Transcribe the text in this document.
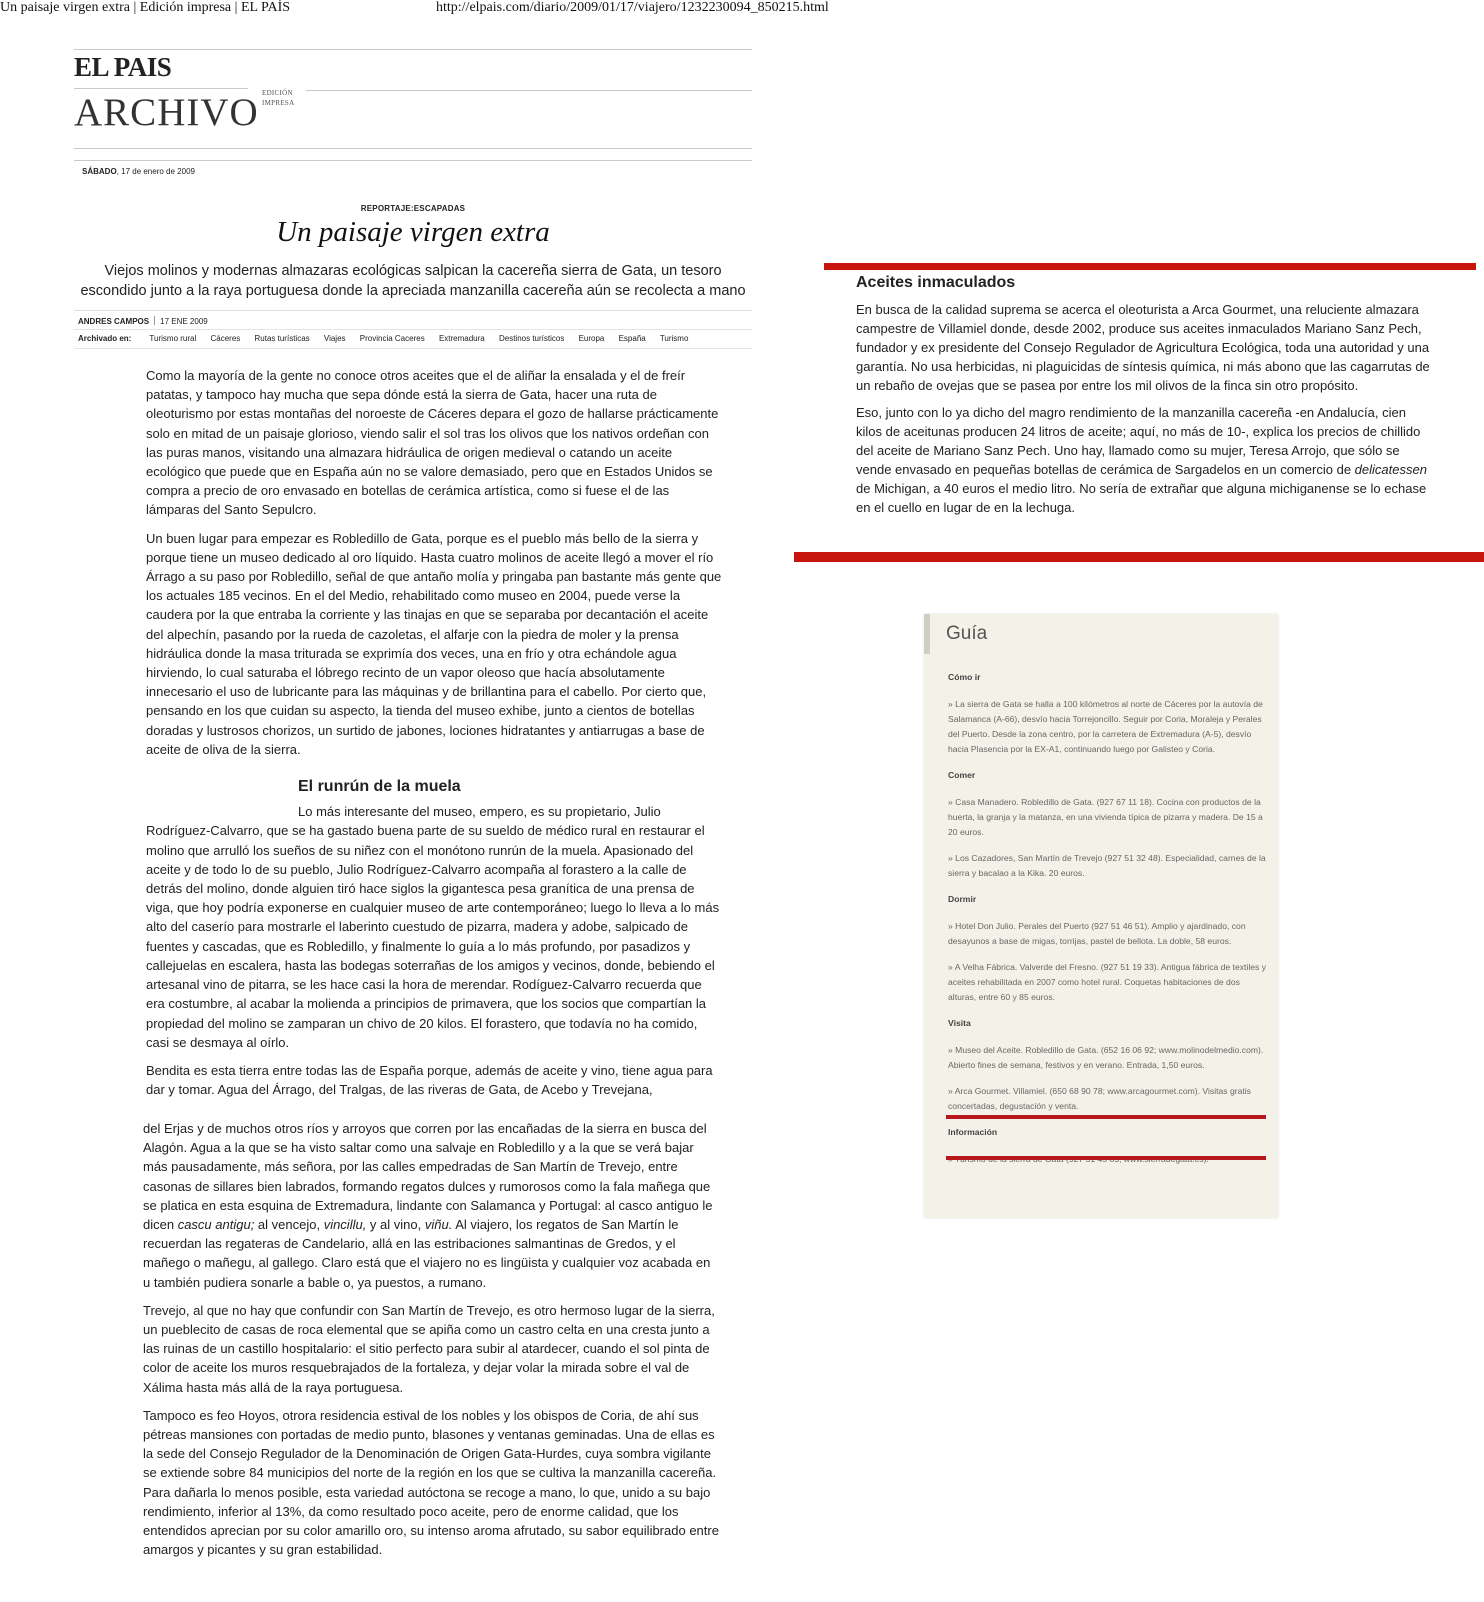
Un paisaje virgen extra | Edición impresa | EL PAÍS	http://elpais.com/diario/2009/01/17/viajero/1232230094_850215.html
EL PAIS
ARCHIVO EDICIÓN
IMPRESA
SÁBADO, 17 de enero de 2009
REPORTAJE:ESCAPADAS
Un paisaje virgen extra
Viejos molinos y modernas almazaras ecológicas salpican la cacereña sierra de Gata, un tesoro escondido junto a la raya portuguesa donde la apreciada manzanilla cacereña aún se recolecta a mano
ANDRES CAMPOS 17 ENE 2009
Archivado en: Turismo rural Cáceres Rutas turísticas Viajes Provincia Caceres Extremadura Destinos turísticos Europa España Turismo

Como la mayoría de la gente no conoce otros aceites que el de aliñar la ensalada y el de freír patatas, y tampoco hay mucha que sepa dónde está la sierra de Gata, hacer una ruta de oleoturismo por estas montañas del noroeste de Cáceres depara el gozo de hallarse prácticamente solo en mitad de un paisaje glorioso, viendo salir el sol tras los olivos que los nativos ordeñan con las puras manos, visitando una almazara hidráulica de origen medieval o catando un aceite ecológico que puede que en España aún no se valore demasiado, pero que en Estados Unidos se compra a precio de oro envasado en botellas de cerámica artística, como si fuese el de las lámparas del Santo Sepulcro.

Un buen lugar para empezar es Robledillo de Gata, porque es el pueblo más bello de la sierra y porque tiene un museo dedicado al oro líquido. Hasta cuatro molinos de aceite llegó a mover el río Árrago a su paso por Robledillo, señal de que antaño molía y pringaba pan bastante más gente que los actuales 185 vecinos. En el del Medio, rehabilitado como museo en 2004, puede verse la caudera por la que entraba la corriente y las tinajas en que se separaba por decantación el aceite del alpechín, pasando por la rueda de cazoletas, el alfarje con la piedra de moler y la prensa hidráulica donde la masa triturada se exprimía dos veces, una en frío y otra echándole agua hirviendo, lo cual saturaba el lóbrego recinto de un vapor oleoso que hacía absolutamente innecesario el uso de lubricante para las máquinas y de brillantina para el cabello. Por cierto que, pensando en los que cuidan su aspecto, la tienda del museo exhibe, junto a cientos de botellas doradas y lustrosos chorizos, un surtido de jabones, lociones hidratantes y antiarrugas a base de aceite de oliva de la sierra.

El runrún de la muela

Lo más interesante del museo, empero, es su propietario, Julio Rodríguez-Calvarro, que se ha gastado buena parte de su sueldo de médico rural en restaurar el molino que arrulló los sueños de su niñez con el monótono runrún de la muela. Apasionado del aceite y de todo lo de su pueblo, Julio Rodríguez-Calvarro acompaña al forastero a la calle de detrás del molino, donde alguien tiró hace siglos la gigantesca pesa granítica de una prensa de viga, que hoy podría exponerse en cualquier museo de arte contemporáneo; luego lo lleva a lo más alto del caserío para mostrarle el laberinto cuestudo de pizarra, madera y adobe, salpicado de fuentes y cascadas, que es Robledillo, y finalmente lo guía a lo más profundo, por pasadizos y callejuelas en escalera, hasta las bodegas soterrañas de los amigos y vecinos, donde, bebiendo el artesanal vino de pitarra, se les hace casi la hora de merendar. Rodíguez-Calvarro recuerda que era costumbre, al acabar la molienda a principios de primavera, que los socios que compartían la propiedad del molino se zamparan un chivo de 20 kilos. El forastero, que todavía no ha comido, casi se desmaya al oírlo.

Bendita es esta tierra entre todas las de España porque, además de aceite y vino, tiene agua para dar y tomar. Agua del Árrago, del Tralgas, de las riveras de Gata, de Acebo y Trevejana,

del Erjas y de muchos otros ríos y arroyos que corren por las encañadas de la sierra en busca del Alagón. Agua a la que se ha visto saltar como una salvaje en Robledillo y a la que se verá bajar más pausadamente, más señora, por las calles empedradas de San Martín de Trevejo, entre casonas de sillares bien labrados, formando regatos dulces y rumorosos como la fala mañega que se platica en esta esquina de Extremadura, lindante con Salamanca y Portugal: al casco antiguo le dicen cascu antigu; al vencejo, vincillu, y al vino, viñu. Al viajero, los regatos de San Martín le recuerdan las regateras de Candelario, allá en las estribaciones salmantinas de Gredos, y el mañego o mañegu, al gallego. Claro está que el viajero no es lingüista y cualquier voz acabada en u también pudiera sonarle a bable o, ya puestos, a rumano.

Trevejo, al que no hay que confundir con San Martín de Trevejo, es otro hermoso lugar de la sierra, un pueblecito de casas de roca elemental que se apiña como un castro celta en una cresta junto a las ruinas de un castillo hospitalario: el sitio perfecto para subir al atardecer, cuando el sol pinta de color de aceite los muros resquebrajados de la fortaleza, y dejar volar la mirada sobre el val de Xálima hasta más allá de la raya portuguesa.

Tampoco es feo Hoyos, otrora residencia estival de los nobles y los obispos de Coria, de ahí sus pétreas mansiones con portadas de medio punto, blasones y ventanas geminadas. Una de ellas es la sede del Consejo Regulador de la Denominación de Origen Gata-Hurdes, cuya sombra vigilante se extiende sobre 84 municipios del norte de la región en los que se cultiva la manzanilla cacereña. Para dañarla lo menos posible, esta variedad autóctona se recoge a mano, lo que, unido a su bajo rendimiento, inferior al 13%, da como resultado poco aceite, pero de enorme calidad, que los entendidos aprecian por su color amarillo oro, su intenso aroma afrutado, su sabor equilibrado entre amargos y picantes y su gran estabilidad.

Aceites inmaculados

En busca de la calidad suprema se acerca el oleoturista a Arca Gourmet, una reluciente almazara campestre de Villamiel donde, desde 2002, produce sus aceites inmaculados Mariano Sanz Pech, fundador y ex presidente del Consejo Regulador de Agricultura Ecológica, toda una autoridad y una garantía. No usa herbicidas, ni plaguicidas de síntesis química, ni más abono que las cagarrutas de un rebaño de ovejas que se pasea por entre los mil olivos de la finca sin otro propósito.

Eso, junto con lo ya dicho del magro rendimiento de la manzanilla cacereña -en Andalucía, cien kilos de aceitunas producen 24 litros de aceite; aquí, no más de 10-, explica los precios de chillido del aceite de Mariano Sanz Pech. Uno hay, llamado como su mujer, Teresa Arrojo, que sólo se vende envasado en pequeñas botellas de cerámica de Sargadelos en un comercio de delicatessen de Michigan, a 40 euros el medio litro. No sería de extrañar que alguna michiganense se lo echase en el cuello en lugar de en la lechuga.

Guía
Cómo ir
» La sierra de Gata se halla a 100 kilómetros al norte de Cáceres por la autovía de Salamanca (A-66), desvío hacia Torrejoncillo. Seguir por Coria, Moraleja y Perales del Puerto. Desde la zona centro, por la carretera de Extremadura (A-5), desvío hacia Plasencia por la EX-A1, continuando luego por Galisteo y Coria.
Comer
» Casa Manadero. Robledillo de Gata. (927 67 11 18). Cocina con productos de la huerta, la granja y la matanza, en una vivienda típica de pizarra y madera. De 15 a 20 euros.
» Los Cazadores, San Martín de Trevejo (927 51 32 48). Especialidad, carnes de la sierra y bacalao a la Kika. 20 euros.
Dormir
» Hotel Don Julio. Perales del Puerto (927 51 46 51). Amplio y ajardinado, con desayunos a base de migas, torrijas, pastel de bellota. La doble, 58 euros.
» A Velha Fábrica. Valverde del Fresno. (927 51 19 33). Antigua fábrica de textiles y aceites rehabilitada en 2007 como hotel rural. Coquetas habitaciones de dos alturas, entre 60 y 85 euros.
Visita
» Museo del Aceite. Robledillo de Gata. (652 16 06 92; www.molinodelmedio.com). Abierto fines de semana, festivos y en verano. Entrada, 1,50 euros.
» Arca Gourmet. Villamiel. (650 68 90 78; www.arcagourmet.com). Visitas gratis concertadas, degustación y venta.
Información
